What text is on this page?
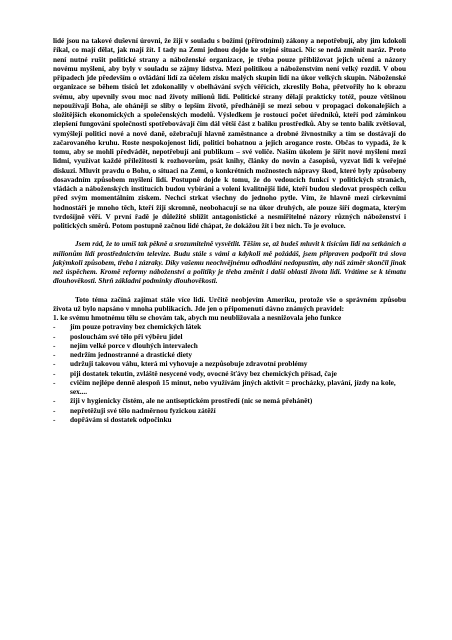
lidé jsou na takové duševní úrovni, že žijí v souladu s božími (přírodními) zákony a nepotřebují, aby jim kdokoli říkal, co mají dělat, jak mají žít. I tady na Zemi jednou dojde ke stejné situaci. Nic se nedá změnit naráz. Proto není nutné rušit politické strany a náboženské organizace, je třeba pouze přibližovat jejich učení a názory novému myšlení, aby byly v souladu se zájmy lidstva. Mezi politikou a náboženstvím není velký rozdíl. V obou případech jde především o ovládání lidí za účelem zisku malých skupin lidí na úkor velkých skupin. Náboženské organizace se během tisíců let zdokonalily v obelhávání svých věřících, zkreslily Boha, přetvořily ho k obrazu svému, aby upevnily svou moc nad životy milionů lidí. Politické strany dělají prakticky totéž, pouze většinou nepoužívají Boha, ale oháněji se sliby o lepším životě, předháněji se mezi sebou v propagaci dokonalejších a složitějších ekonomických a společenských modelů. Výsledkem je rostoucí počet úředníků, kteří pod záminkou zlepšení fungování společnosti spotřebovávají čím dál větší část z balíku prostředků. Aby se tento balík zvětšoval, vymýšlejí politici nové a nové daně, ožebračují hlavně zaměstnance a drobné živnostníky a tím se dostávají do začarovaného kruhu. Roste nespokojenost lidí, politici bohatnou a jejich arogance roste. Občas to vypadá, že k tomu, aby se mohli předvádět, nepotřebují ani publikum – své voliče. Naším úkolem je šířit nové myšlení mezi lidmi, využívat každé příležitosti k rozhovorům, psát knihy, články do novin a časopisů, vyzvat lidi k veřejné diskuzi. Mluvit pravdu o Bohu, o situaci na Zemi, o konkrétních možnostech nápravy škod, které byly způsobeny dosavadním způsobem myšlení lidí. Postupně dojde k tomu, že do vedoucích funkcí v politických stranách, vládách a náboženských institucích budou vybíráni a voleni kvalitnější lidé, kteří budou sledovat prospěch celku před svým momentálním ziskem. Nechci strkat všechny do jednoho pytle. Vím, že hlavně mezi církevními hodnostáři je mnoho těch, kteří žijí skromně, neobohacují se na úkor druhých, ale pouze šíří dogmata, kterým tvrdošíjně věří. V první řadě je důležité sblížit antagonistické a nesmiřitelné názory různých náboženství i politických směrů. Potom postupně začnou lidé chápat, že dokážou žít i bez nich. To je evoluce.

Jsem rád, že to umíš tak pěkně a srozumitelně vysvětlit. Těším se, až budeš mluvit k tisícům lidí na setkáních a milionům lidí prostřednictvím televize. Budu stále s vámi a kdykoli mě požádáš, jsem připraven podpořit trá slova jakýmkoli způsobem, třeba i zázraky. Díky vašemu neochvějnému odhodlání nedopustím, aby náš záměr skončil jinak než úspěchem. Kromě reformy náboženství a politiky je třeba změnit i další oblasti života lidí. Vrátíme se k tématu dlouhověkosti. Shrň základní podmínky dlouhověkosti.

Toto téma začíná zajímat stále více lidí. Určitě neobjevím Ameriku, protože vše o správném způsobu života už bylo napsáno v mnoha publikacích. Jde jen o připomenutí dávno známých pravidel:

1. ke svému hmotnému tělu se chovám tak, abych mu neubližovala a nesnižovala jeho funkce

- jím pouze potraviny bez chemických látek
- poslouchám své tělo při výběru jídel
- nejím velké porce v dlouhých intervalech
- nedržím jednostranné a drastické diety
- udržuji takovou váhu, která mi vyhovuje a nezpůsobuje zdravotní problémy
- piji dostatek tekutin, zvláště nesycené vody, ovocné šťávy bez chemických přísad, čaje
- cvičím nejlépe denně alespoň 15 minut, nebo využívám jiných aktivit = procházky, plavání, jízdy na kole, sex....
- žiji v hygienicky čistém, ale ne antiseptickém prostředí (nic se nemá přehánět)
- nepřetěžuji své tělo nadměrnou fyzickou zátěží
- dopřávám si dostatek odpočinku
